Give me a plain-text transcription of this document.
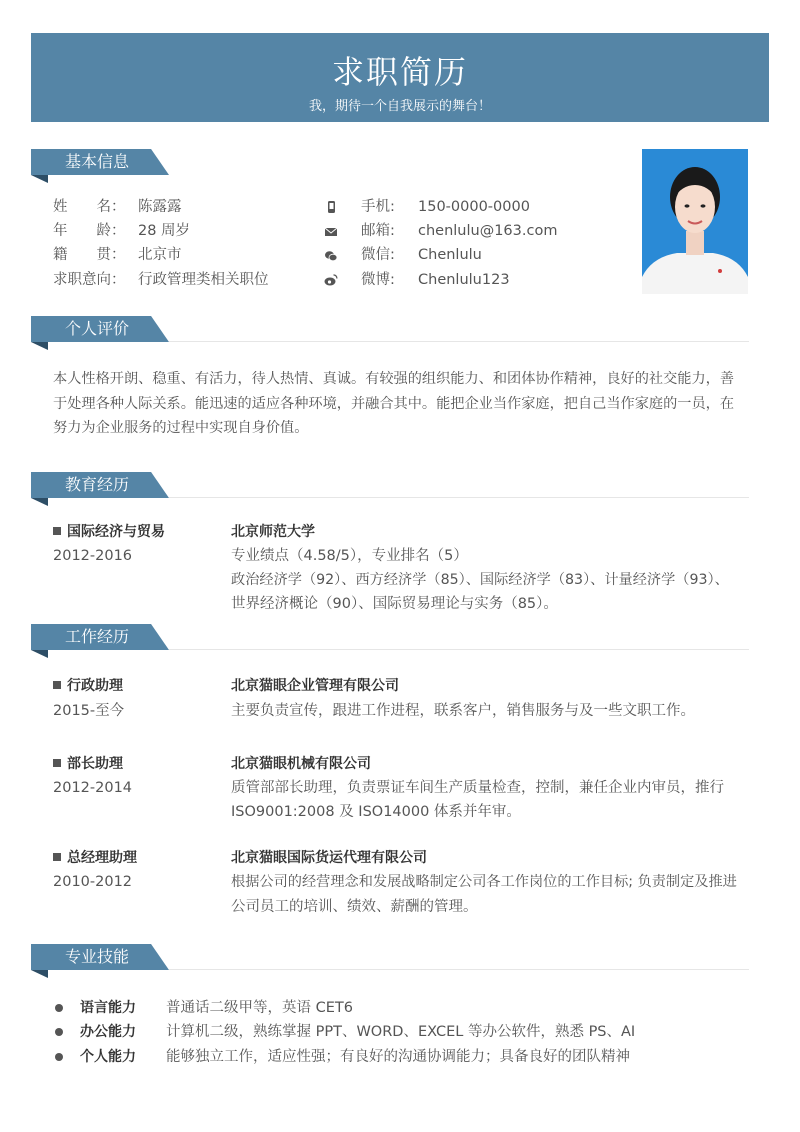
求职简历
我，期待一个自我展示的舞台！
基本信息
姓　　名： 陈露露
年　　龄： 28 周岁
籍　　贯： 北京市
求职意向： 行政管理类相关职位
手机: 150-0000-0000
邮箱: chenlulu@163.com
微信: Chenlulu
微博: Chenlulu123
个人评价
本人性格开朗、稳重、有活力，待人热情、真诚。有较强的组织能力、和团体协作精神，良好的社交能力，善
于处理各种人际关系。能迅速的适应各种环境，并融合其中。能把企业当作家庭，把自己当作家庭的一员，在
努力为企业服务的过程中实现自身价值。
教育经历
国际经济与贸易
2012-2016
北京师范大学
专业绩点（4.58/5），专业排名（5）
政治经济学（92）、西方经济学（85）、国际经济学（83）、计量经济学（93）、
世界经济概论（90）、国际贸易理论与实务（85）。
工作经历
行政助理
2015-至今
北京猫眼企业管理有限公司
主要负责宣传，跟进工作进程，联系客户，销售服务与及一些文职工作。
部长助理
2012-2014
北京猫眼机械有限公司
质管部部长助理，负责票证车间生产质量检查，控制，兼任企业内审员，推行
ISO9001:2008 及 ISO14000 体系并年审。
总经理助理
2010-2012
北京猫眼国际货运代理有限公司
根据公司的经营理念和发展战略制定公司各工作岗位的工作目标; 负责制定及推进
公司员工的培训、绩效、薪酬的管理。
专业技能
语言能力 普通话二级甲等，英语 CET6
办公能力 计算机二级，熟练掌握 PPT、WORD、EXCEL 等办公软件，熟悉 PS、AI
个人能力 能够独立工作，适应性强；有良好的沟通协调能力；具备良好的团队精神
